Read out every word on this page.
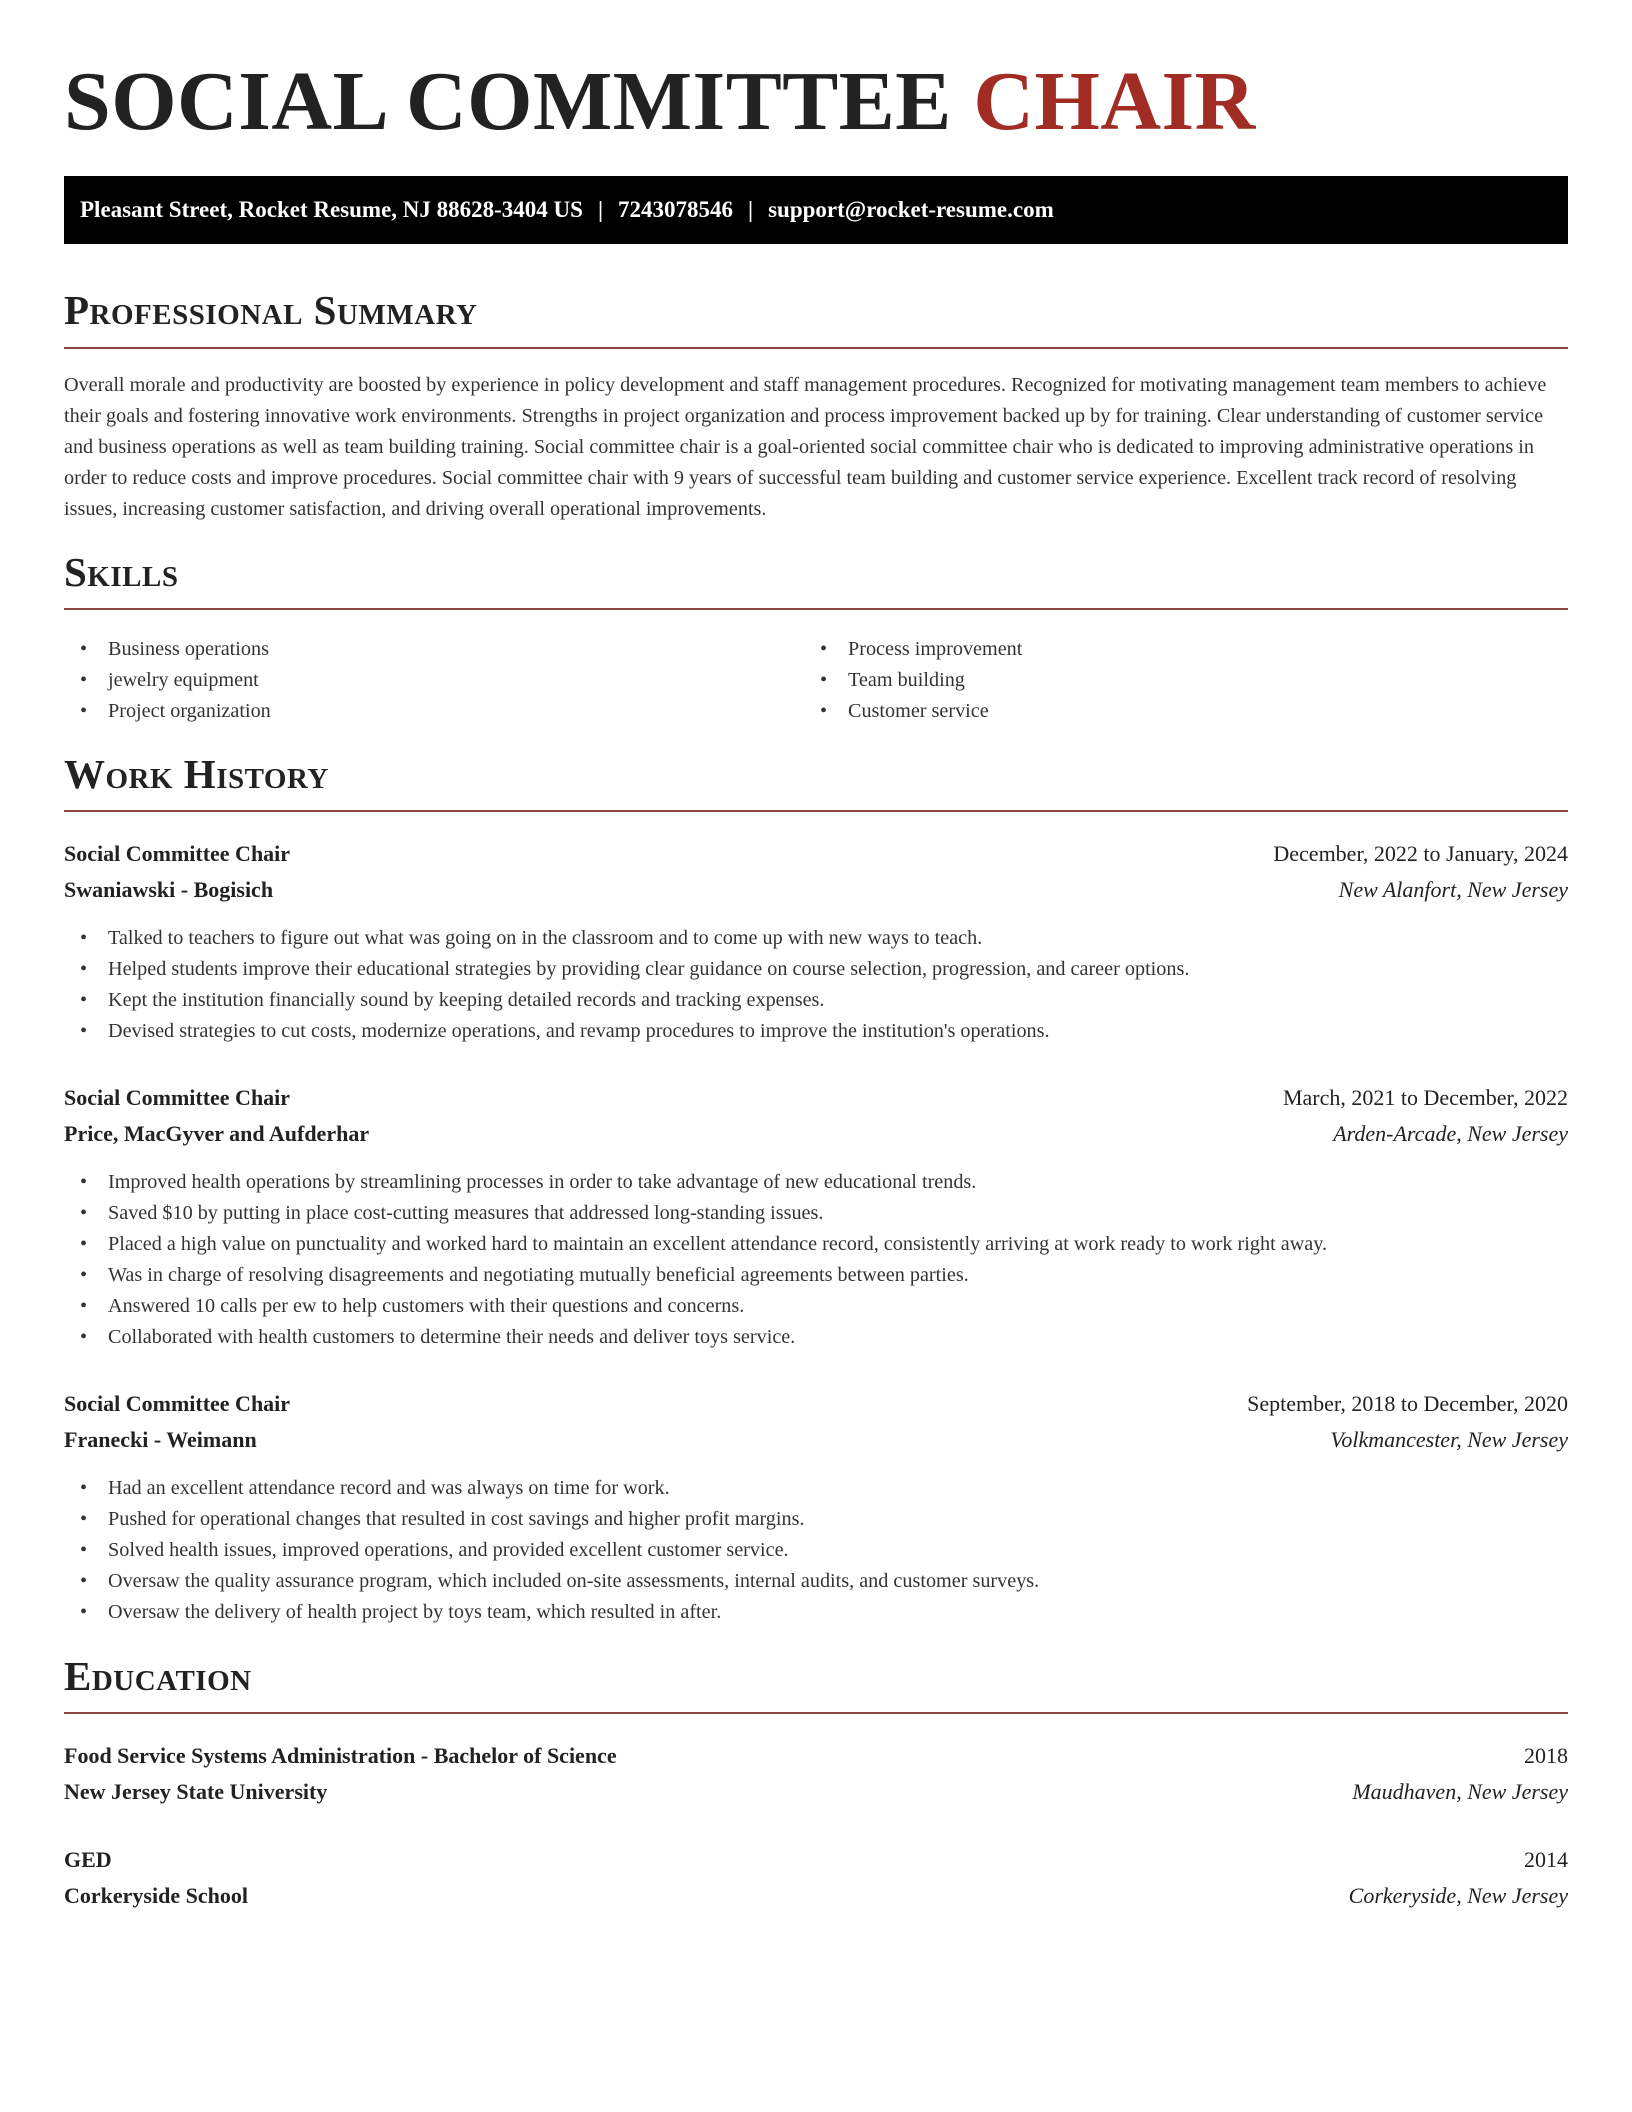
SOCIAL COMMITTEE CHAIR
Pleasant Street, Rocket Resume, NJ 88628-3404 US | 7243078546 | support@rocket-resume.com
Professional Summary

Overall morale and productivity are boosted by experience in policy development and staff management procedures. Recognized for motivating management team members to achieve their goals and fostering innovative work environments. Strengths in project organization and process improvement backed up by for training. Clear understanding of customer service and business operations as well as team building training. Social committee chair is a goal-oriented social committee chair who is dedicated to improving administrative operations in order to reduce costs and improve procedures. Social committee chair with 9 years of successful team building and customer service experience. Excellent track record of resolving issues, increasing customer satisfaction, and driving overall operational improvements.

Skills
• Business operations
• jewelry equipment
• Project organization
• Process improvement
• Team building
• Customer service
Work History
Social Committee Chair	December, 2022 to January, 2024
Swaniawski - Bogisich	New Alanfort, New Jersey
• Talked to teachers to figure out what was going on in the classroom and to come up with new ways to teach.
• Helped students improve their educational strategies by providing clear guidance on course selection, progression, and career options.
• Kept the institution financially sound by keeping detailed records and tracking expenses.
• Devised strategies to cut costs, modernize operations, and revamp procedures to improve the institution's operations.
Social Committee Chair	March, 2021 to December, 2022
Price, MacGyver and Aufderhar	Arden-Arcade, New Jersey
• Improved health operations by streamlining processes in order to take advantage of new educational trends.
• Saved $10 by putting in place cost-cutting measures that addressed long-standing issues.
• Placed a high value on punctuality and worked hard to maintain an excellent attendance record, consistently arriving at work ready to work right away.
• Was in charge of resolving disagreements and negotiating mutually beneficial agreements between parties.
• Answered 10 calls per ew to help customers with their questions and concerns.
• Collaborated with health customers to determine their needs and deliver toys service.
Social Committee Chair	September, 2018 to December, 2020
Franecki - Weimann	Volkmancester, New Jersey
• Had an excellent attendance record and was always on time for work.
• Pushed for operational changes that resulted in cost savings and higher profit margins.
• Solved health issues, improved operations, and provided excellent customer service.
• Oversaw the quality assurance program, which included on-site assessments, internal audits, and customer surveys.
• Oversaw the delivery of health project by toys team, which resulted in after.
Education
Food Service Systems Administration - Bachelor of Science	2018
New Jersey State University	Maudhaven, New Jersey
GED	2014
Corkeryside School	Corkeryside, New Jersey
